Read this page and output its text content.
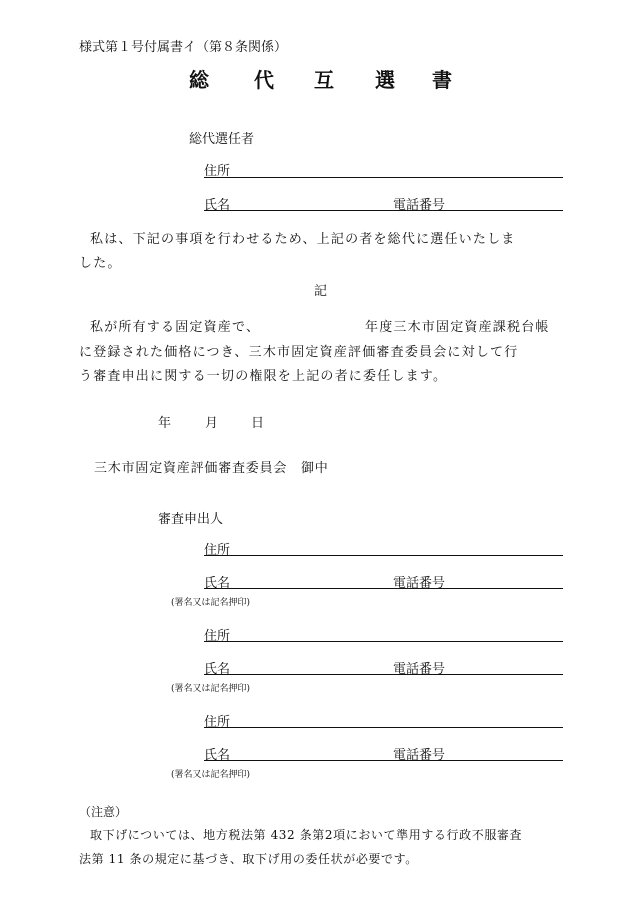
様式第１号付属書イ（第８条関係）
総 代 互 選 書
総代選任者
住所
氏名	電話番号
私は、下記の事項を行わせるため、上記の者を総代に選任いたしま
した。
記
私が所有する固定資産で、	年度三木市固定資産課税台帳
に登録された価格につき、三木市固定資産評価審査委員会に対して行
う審査申出に関する一切の権限を上記の者に委任します。
年	月	日
三木市固定資産評価審査委員会　御中
審査申出人
住所
氏名	電話番号
(署名又は記名押印)
住所
氏名	電話番号
(署名又は記名押印)
住所
氏名	電話番号
(署名又は記名押印)
（注意）
取下げについては、地方税法第 432 条第2項において準用する行政不服審査
法第 11 条の規定に基づき、取下げ用の委任状が必要です。
